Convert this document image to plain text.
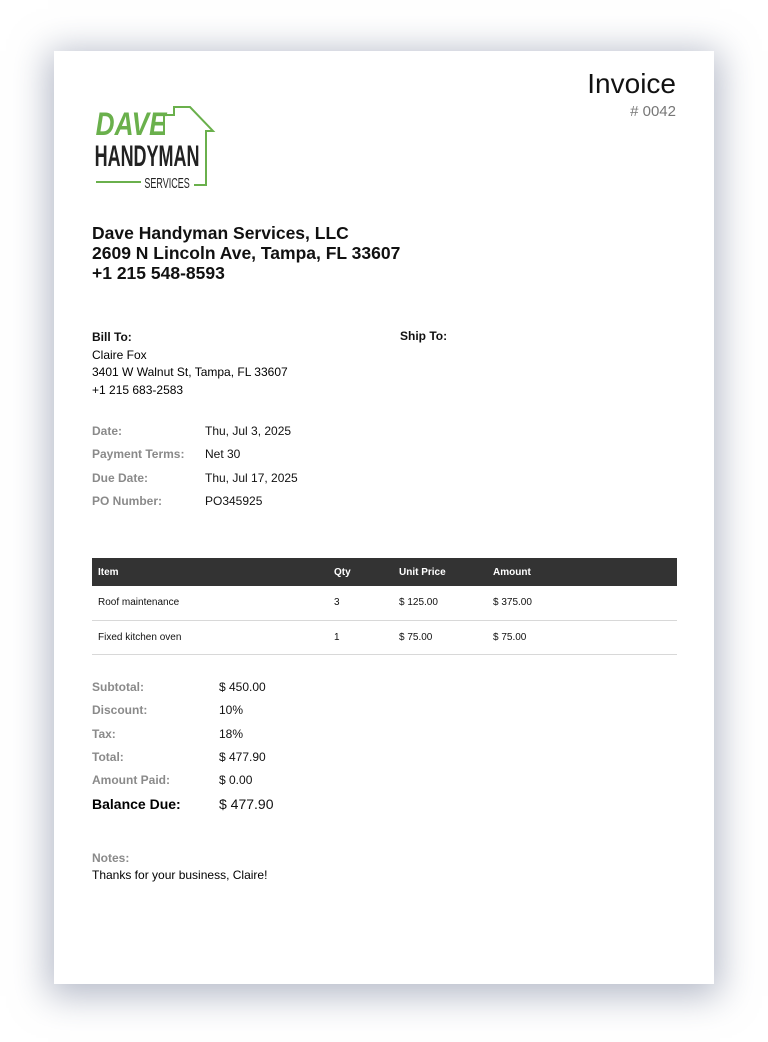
Invoice
# 0042
DAVE
HANDYMAN
SERVICES
Dave Handyman Services, LLC
2609 N Lincoln Ave, Tampa, FL 33607
+1 215 548-8593
Bill To:
Claire Fox
3401 W Walnut St, Tampa, FL 33607
+1 215 683-2583
Ship To:
Date:	Thu, Jul 3, 2025
Payment Terms:	Net 30
Due Date:	Thu, Jul 17, 2025
PO Number:	PO345925
Item	Qty	Unit Price	Amount
Roof maintenance	3	$ 125.00	$ 375.00
Fixed kitchen oven	1	$ 75.00	$ 75.00
Subtotal:	$ 450.00
Discount:	10%
Tax:	18%
Total:	$ 477.90
Amount Paid:	$ 0.00
Balance Due:	$ 477.90
Notes:
Thanks for your business, Claire!
